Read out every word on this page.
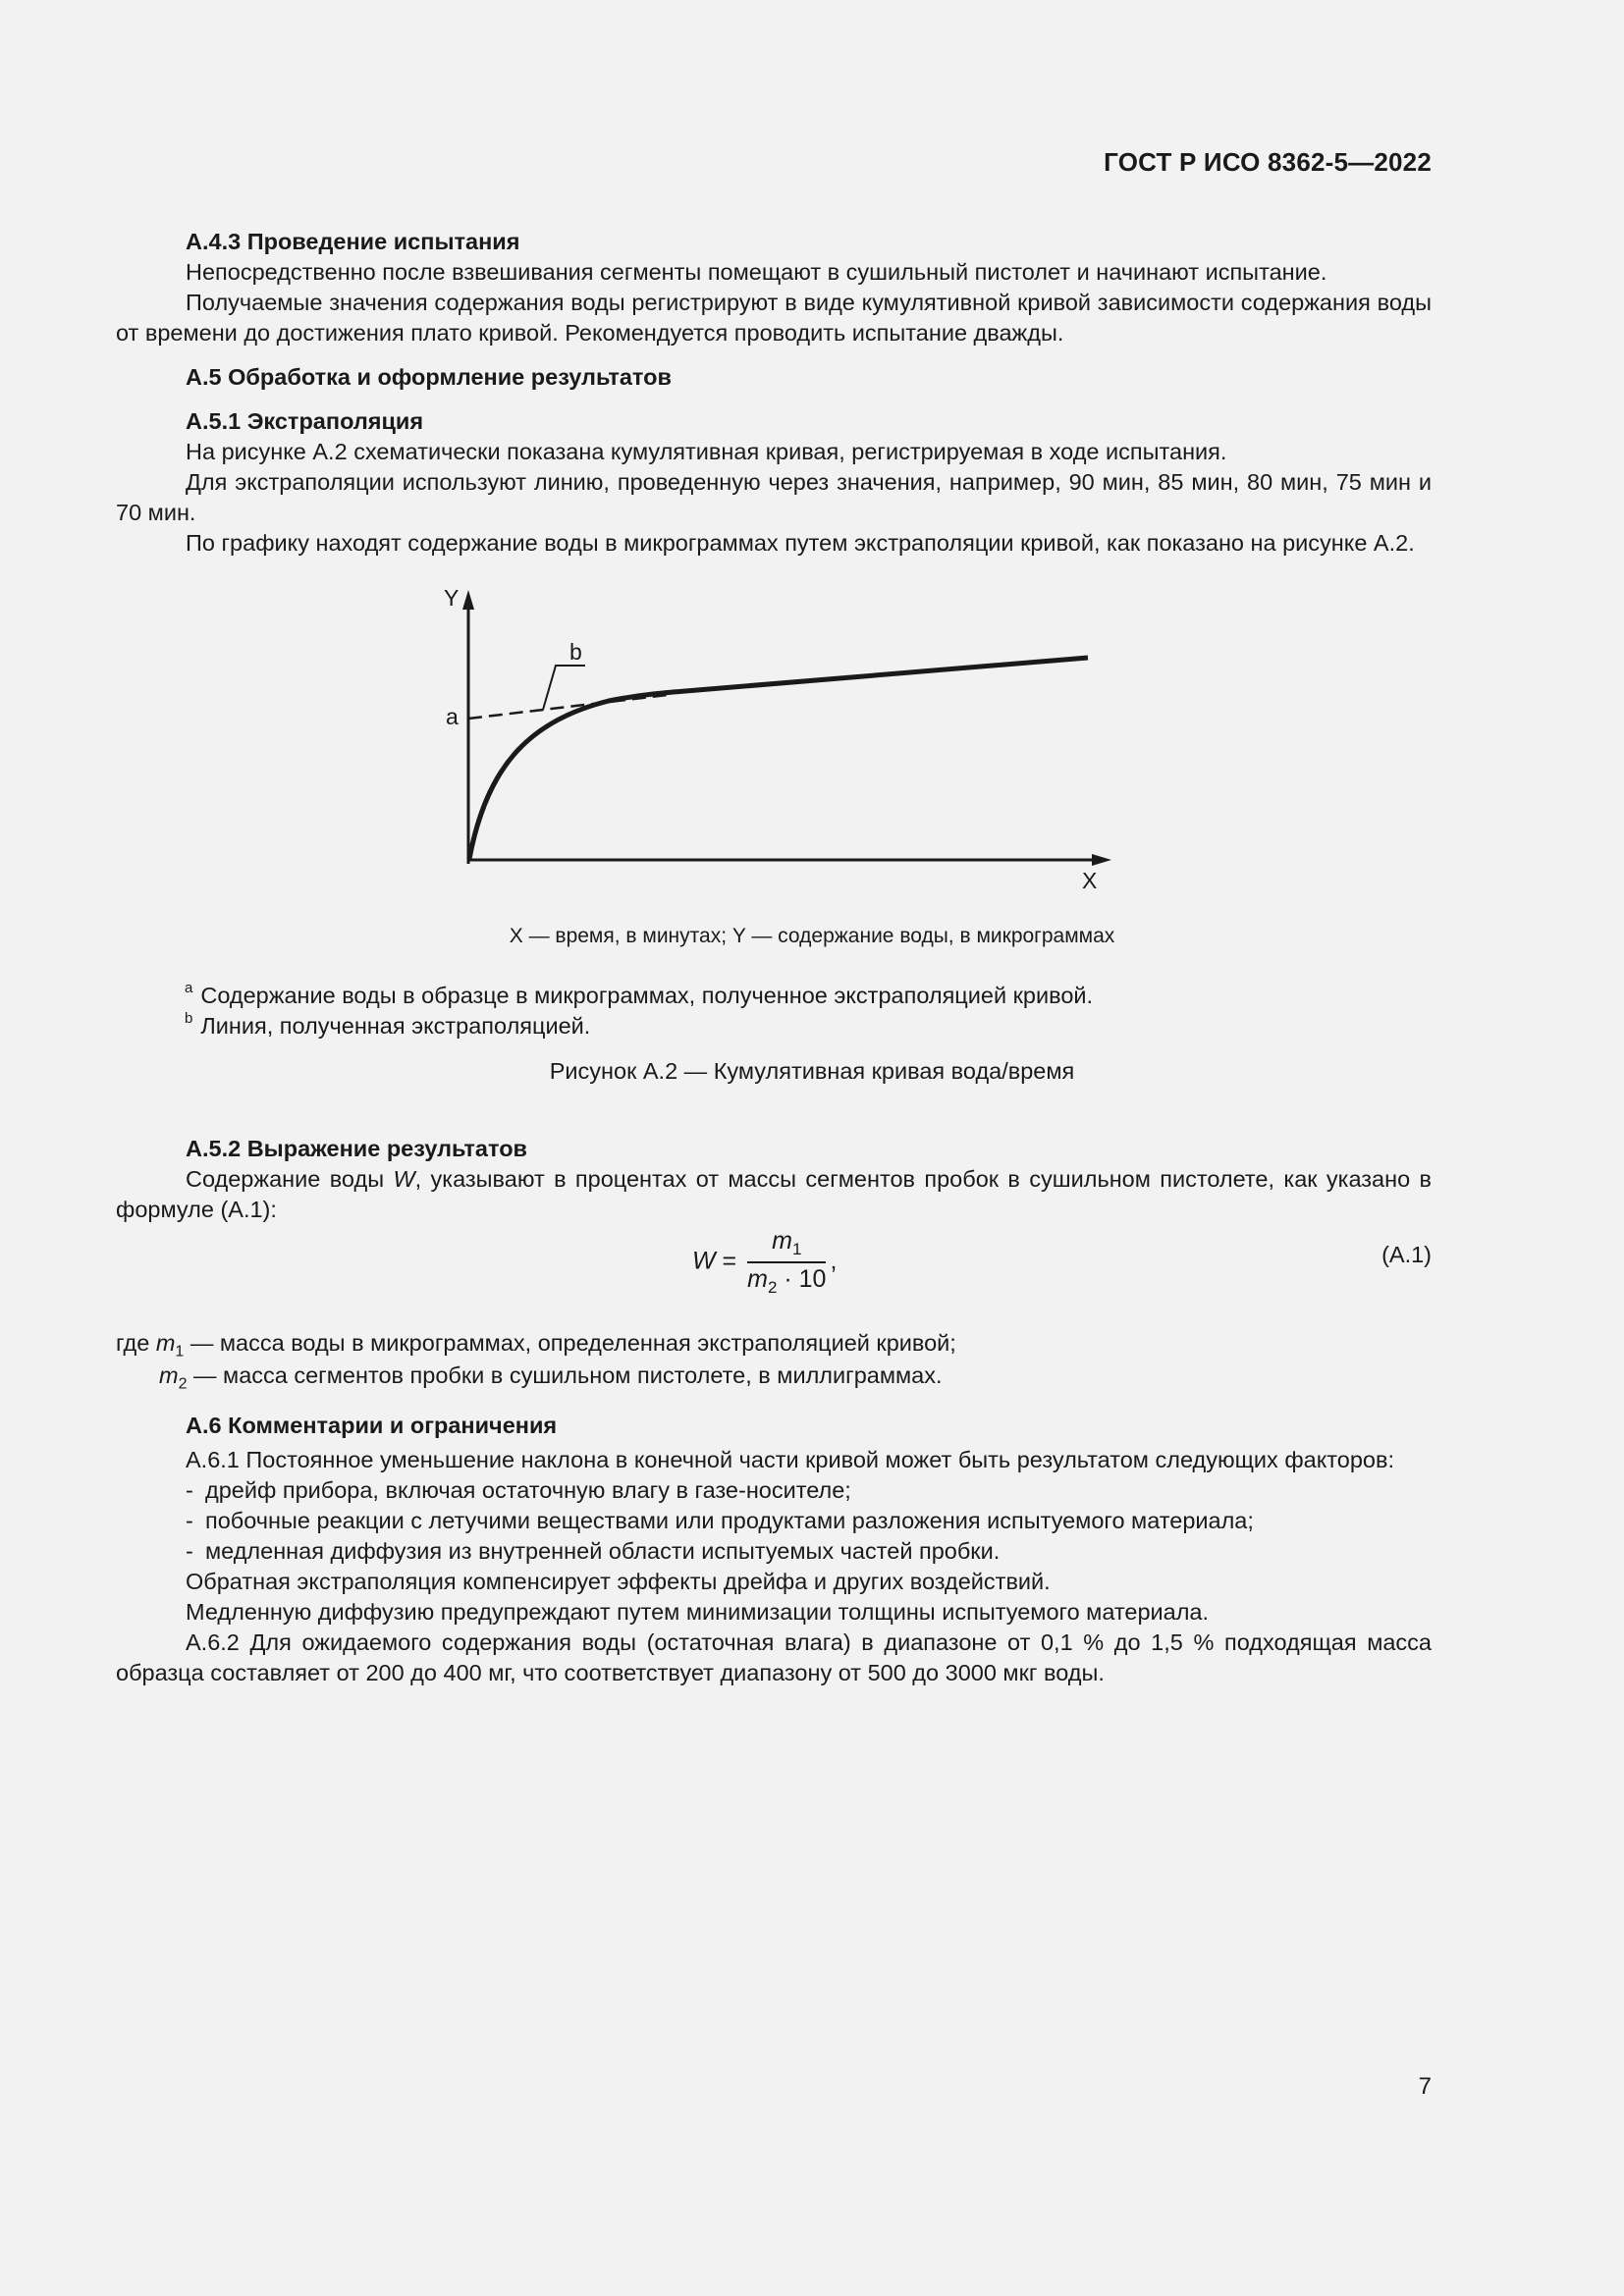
ГОСТ Р ИСО 8362-5—2022

А.4.3 Проведение испытания

Непосредственно после взвешивания сегменты помещают в сушильный пистолет и начинают испытание.

Получаемые значения содержания воды регистрируют в виде кумулятивной кривой зависимости содержания воды от времени до достижения плато кривой. Рекомендуется проводить испытание дважды.

А.5 Обработка и оформление результатов

А.5.1 Экстраполяция

На рисунке А.2 схематически показана кумулятивная кривая, регистрируемая в ходе испытания.

Для экстраполяции используют линию, проведенную через значения, например, 90 мин, 85 мин, 80 мин, 75 мин и 70 мин.

По графику находят содержание воды в микрограммах путем экстраполяции кривой, как показано на рисунке А.2.

Y
X
a
b
X — время, в минутах; Y — содержание воды, в микрограммах
$^a$ Содержание воды в образце в микрограммах, полученное экстраполяцией кривой.
$^b$ Линия, полученная экстраполяцией.
Рисунок А.2 — Кумулятивная кривая вода/время

А.5.2 Выражение результатов

Содержание воды W, указывают в процентах от массы сегментов пробок в сушильном пистолете, как указано в формуле (А.1):

$W = \frac{m_1}{m_2 \cdot 10}$ ,	(А.1)
где $m_1$ — масса воды в микрограммах, определенная экстраполяцией кривой;
$m_2$ — масса сегментов пробки в сушильном пистолете, в миллиграммах.

А.6 Комментарии и ограничения

А.6.1 Постоянное уменьшение наклона в конечной части кривой может быть результатом следующих факторов:

- дрейф прибора, включая остаточную влагу в газе-носителе;

- побочные реакции с летучими веществами или продуктами разложения испытуемого материала;

- медленная диффузия из внутренней области испытуемых частей пробки.

Обратная экстраполяция компенсирует эффекты дрейфа и других воздействий.

Медленную диффузию предупреждают путем минимизации толщины испытуемого материала.

А.6.2 Для ожидаемого содержания воды (остаточная влага) в диапазоне от 0,1 % до 1,5 % подходящая масса образца составляет от 200 до 400 мг, что соответствует диапазону от 500 до 3000 мкг воды.

7
